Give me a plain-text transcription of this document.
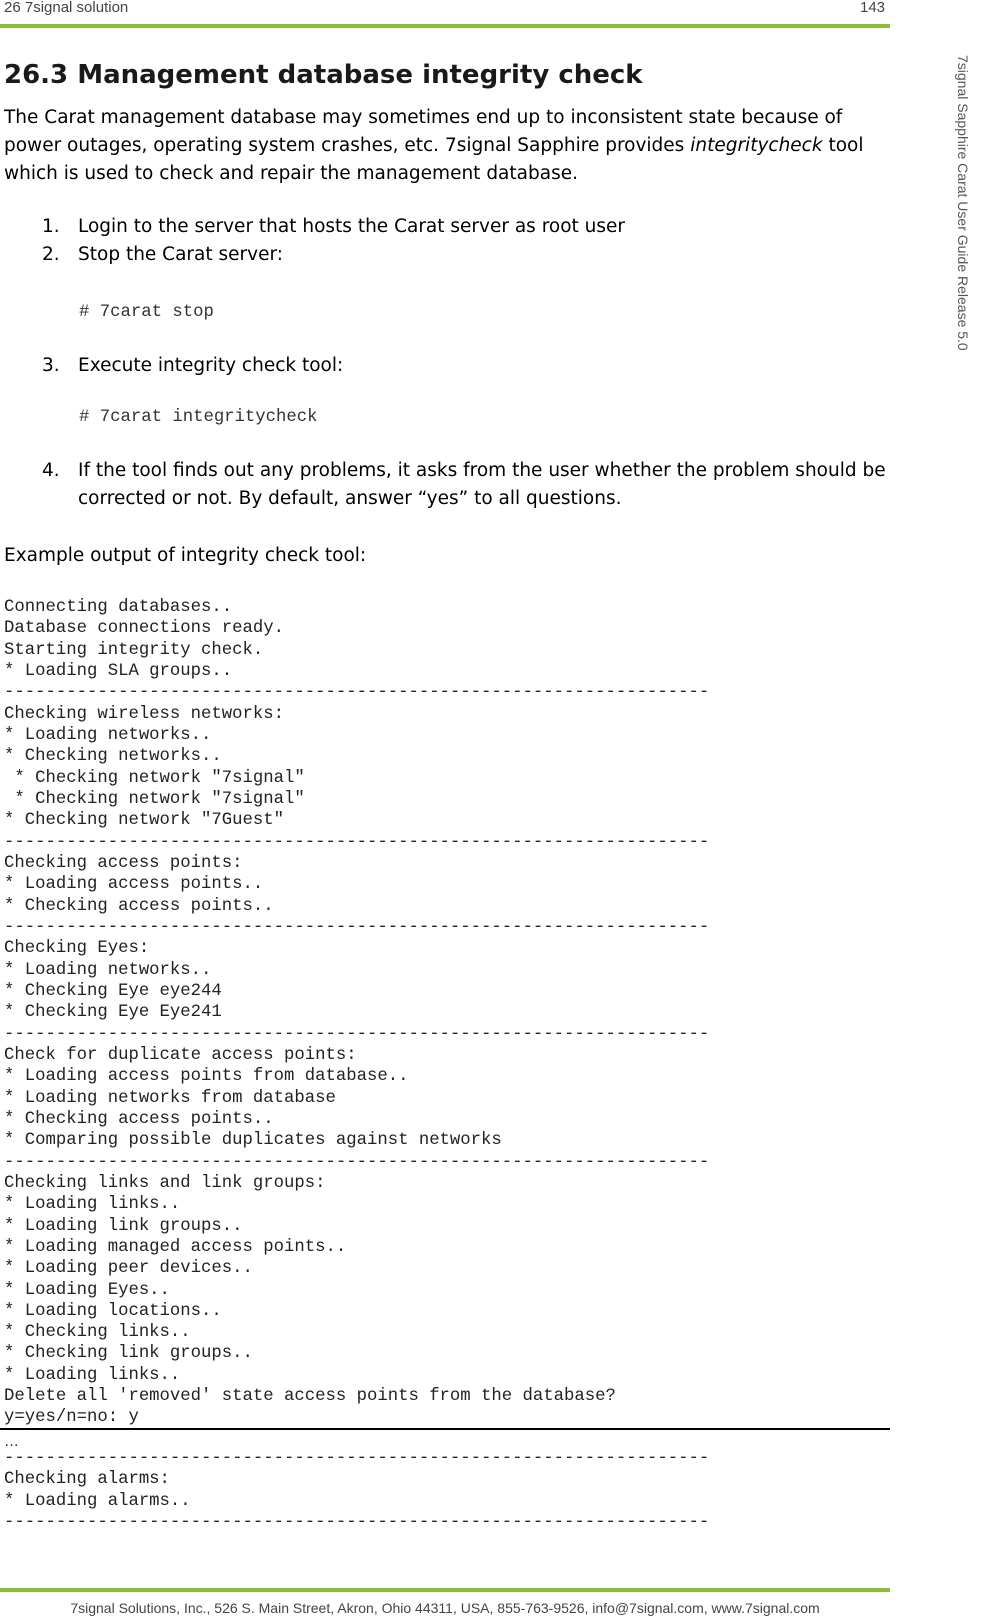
26 7signal solution	143
7signal Sapphire Carat User Guide Release 5.0
26.3 Management database integrity check

The Carat management database may sometimes end up to inconsistent state because of power outages, operating system crashes, etc. 7signal Sapphire provides integritycheck tool which is used to check and repair the management database.

1. Login to the server that hosts the Carat server as root user
2. Stop the Carat server:
# 7carat stop
3. Execute integrity check tool:
# 7carat integritycheck
4. If the tool finds out any problems, it asks from the user whether the problem should be corrected or not. By default, answer “yes” to all questions.
Example output of integrity check tool:
Connecting databases..
Database connections ready.
Starting integrity check.
* Loading SLA groups..
--------------------------------------------------------------------
Checking wireless networks:
* Loading networks..
* Checking networks..
* Checking network "7signal"
* Checking network "7signal"
* Checking network "7Guest"
--------------------------------------------------------------------
Checking access points:
* Loading access points..
* Checking access points..
--------------------------------------------------------------------
Checking Eyes:
* Loading networks..
* Checking Eye eye244
* Checking Eye Eye241
--------------------------------------------------------------------
Check for duplicate access points:
* Loading access points from database..
* Loading networks from database
* Checking access points..
* Comparing possible duplicates against networks
--------------------------------------------------------------------
Checking links and link groups:
* Loading links..
* Loading link groups..
* Loading managed access points..
* Loading peer devices..
* Loading Eyes..
* Loading locations..
* Checking links..
* Checking link groups..
* Loading links..
Delete all 'removed' state access points from the database?
y=yes/n=no: y
…
--------------------------------------------------------------------
Checking alarms:
* Loading alarms..
--------------------------------------------------------------------
7signal Solutions, Inc., 526 S. Main Street, Akron, Ohio 44311, USA, 855-763-9526, info@7signal.com, www.7signal.com
